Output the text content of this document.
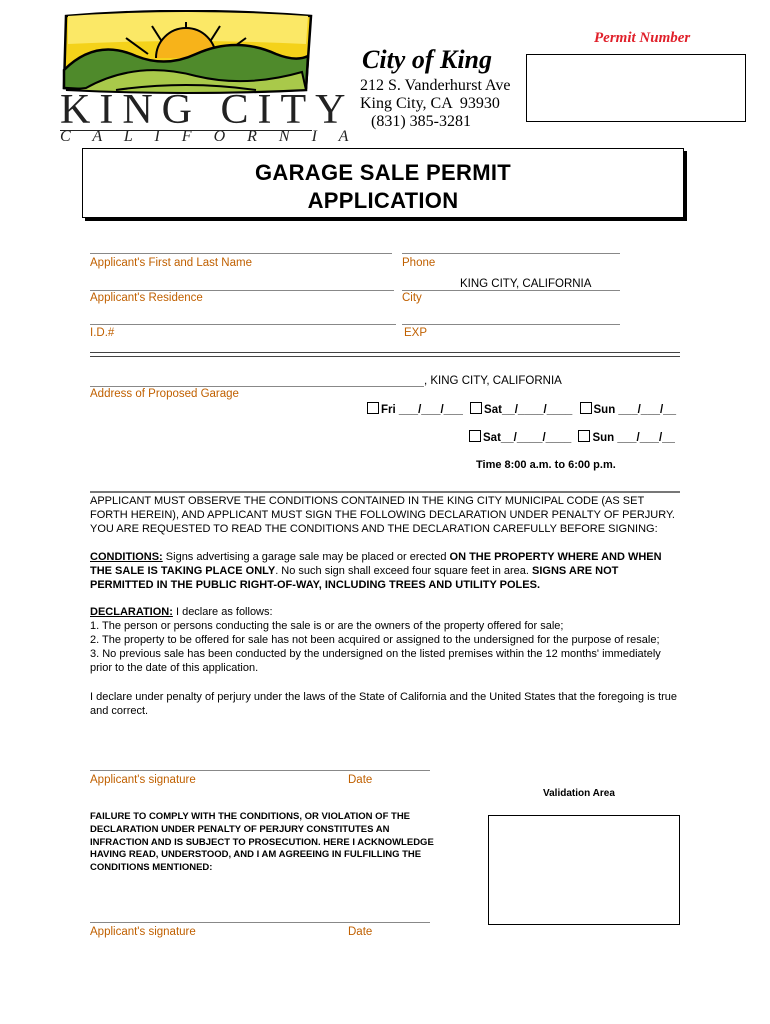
KING CITY
C A L I F O R N I A
Permit Number
City of King
212 S. Vanderhurst Ave
King City, CA  93930
(831) 385-3281
GARAGE SALE PERMIT
APPLICATION
Applicant's First and Last Name	Phone
KING CITY, CALIFORNIA
Applicant's Residence	City
I.D.#	EXP
, KING CITY, CALIFORNIA
Address of Proposed Garage
Fri ___/___/___ Sat__/____/____ Sun ___/___/__
Sat__/____/____ Sun ___/___/__
Time 8:00 a.m. to 6:00 p.m.
APPLICANT MUST OBSERVE THE CONDITIONS CONTAINED IN THE KING CITY MUNICIPAL CODE (AS SET FORTH HEREIN), AND APPLICANT MUST SIGN THE FOLLOWING DECLARATION UNDER PENALTY OF PERJURY. YOU ARE REQUESTED TO READ THE CONDITIONS AND THE DECLARATION CAREFULLY BEFORE SIGNING:
CONDITIONS: Signs advertising a garage sale may be placed or erected ON THE PROPERTY WHERE AND WHEN THE SALE IS TAKING PLACE ONLY. No such sign shall exceed four square feet in area. SIGNS ARE NOT PERMITTED IN THE PUBLIC RIGHT-OF-WAY, INCLUDING TREES AND UTILITY POLES.
DECLARATION: I declare as follows:
1. The person or persons conducting the sale is or are the owners of the property offered for sale;
2. The property to be offered for sale has not been acquired or assigned to the undersigned for the purpose of resale;
3. No previous sale has been conducted by the undersigned on the listed premises within the 12 months' immediately prior to the date of this application.
I declare under penalty of perjury under the laws of the State of California and the United States that the foregoing is true and correct.
Applicant's signature	Date
Validation Area
FAILURE TO COMPLY WITH THE CONDITIONS, OR VIOLATION OF THE DECLARATION UNDER PENALTY OF PERJURY CONSTITUTES AN INFRACTION AND IS SUBJECT TO PROSECUTION. HERE I ACKNOWLEDGE HAVING READ, UNDERSTOOD, AND I AM AGREEING IN FULFILLING THE CONDITIONS MENTIONED:
Applicant's signature	Date
